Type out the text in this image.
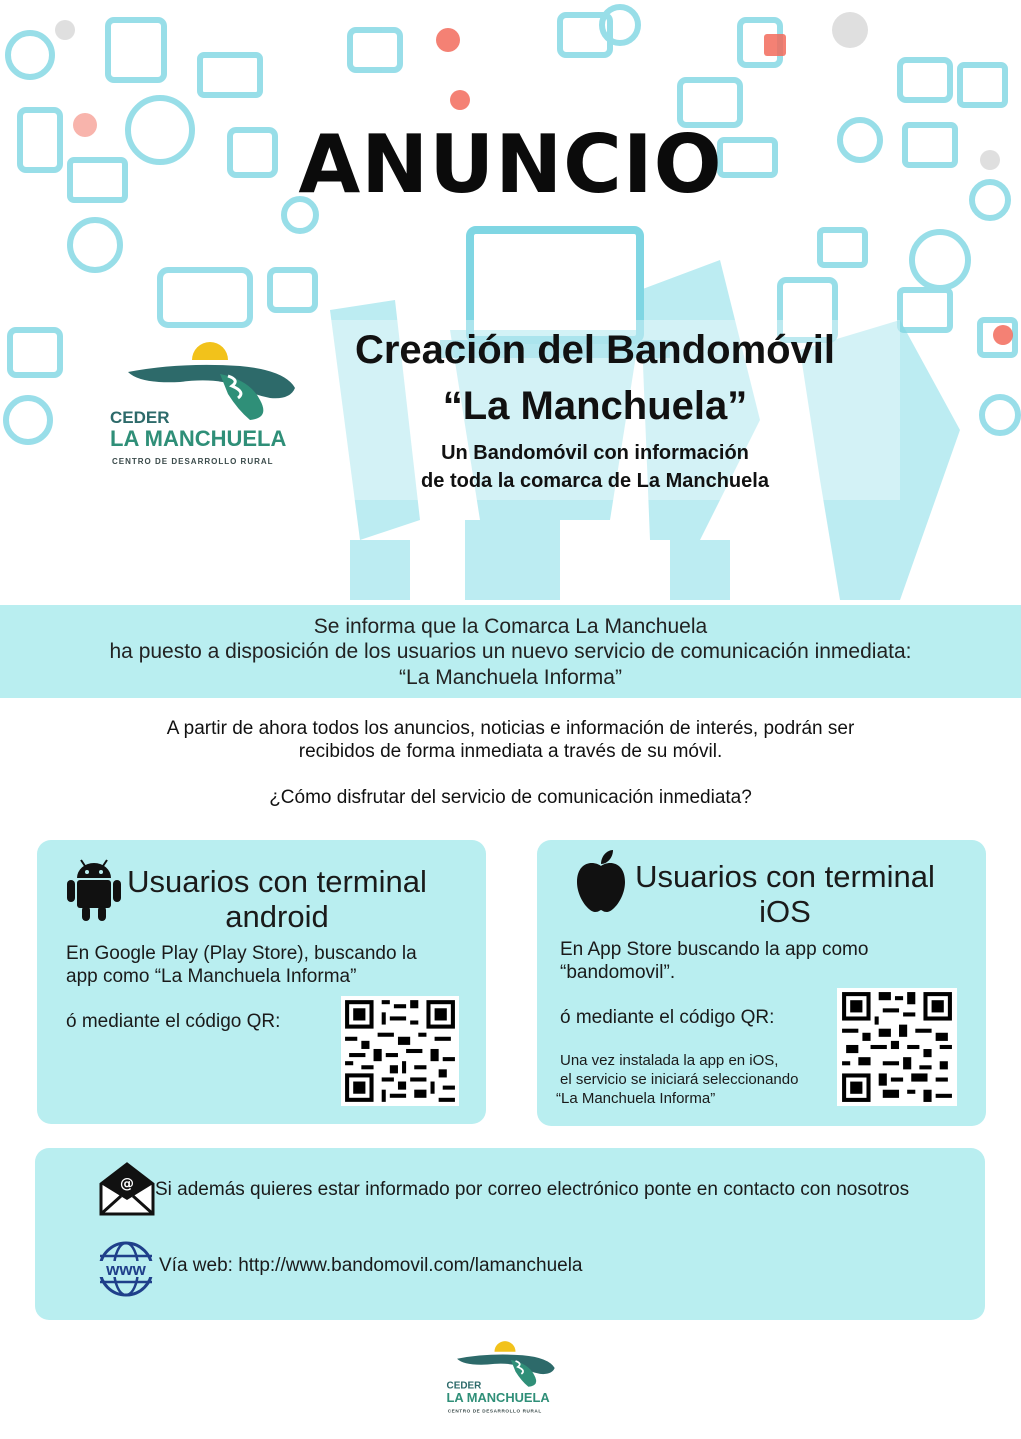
ANUNCIO
CEDER
LA MANCHUELA
CENTRO DE DESARROLLO RURAL
Creación del Bandomóvil
“La Manchuela”
Un Bandomóvil con información
de toda la comarca de La Manchuela
Se informa que la Comarca La Manchuela
ha puesto a disposición de los usuarios un nuevo servicio de comunicación inmediata:
“La Manchuela Informa”
A partir de ahora todos los anuncios, noticias e información de interés, podrán ser
recibidos de forma inmediata a través de su móvil.
¿Cómo disfrutar del servicio de comunicación inmediata?
Usuarios con terminal
android
En Google Play (Play Store), buscando la
app como “La Manchuela Informa”
ó mediante el código QR:
Usuarios con terminal
iOS
En App Store buscando la app como
“bandomovil”.
ó mediante el código QR:
Una vez instalada la app en iOS,
el servicio se iniciará seleccionando
“La Manchuela Informa”
@ Si además quieres estar informado por correo electrónico ponte en contacto con nosotros
www Vía web: http://www.bandomovil.com/lamanchuela
CEDER
LA MANCHUELA
CENTRO DE DESARROLLO RURAL
